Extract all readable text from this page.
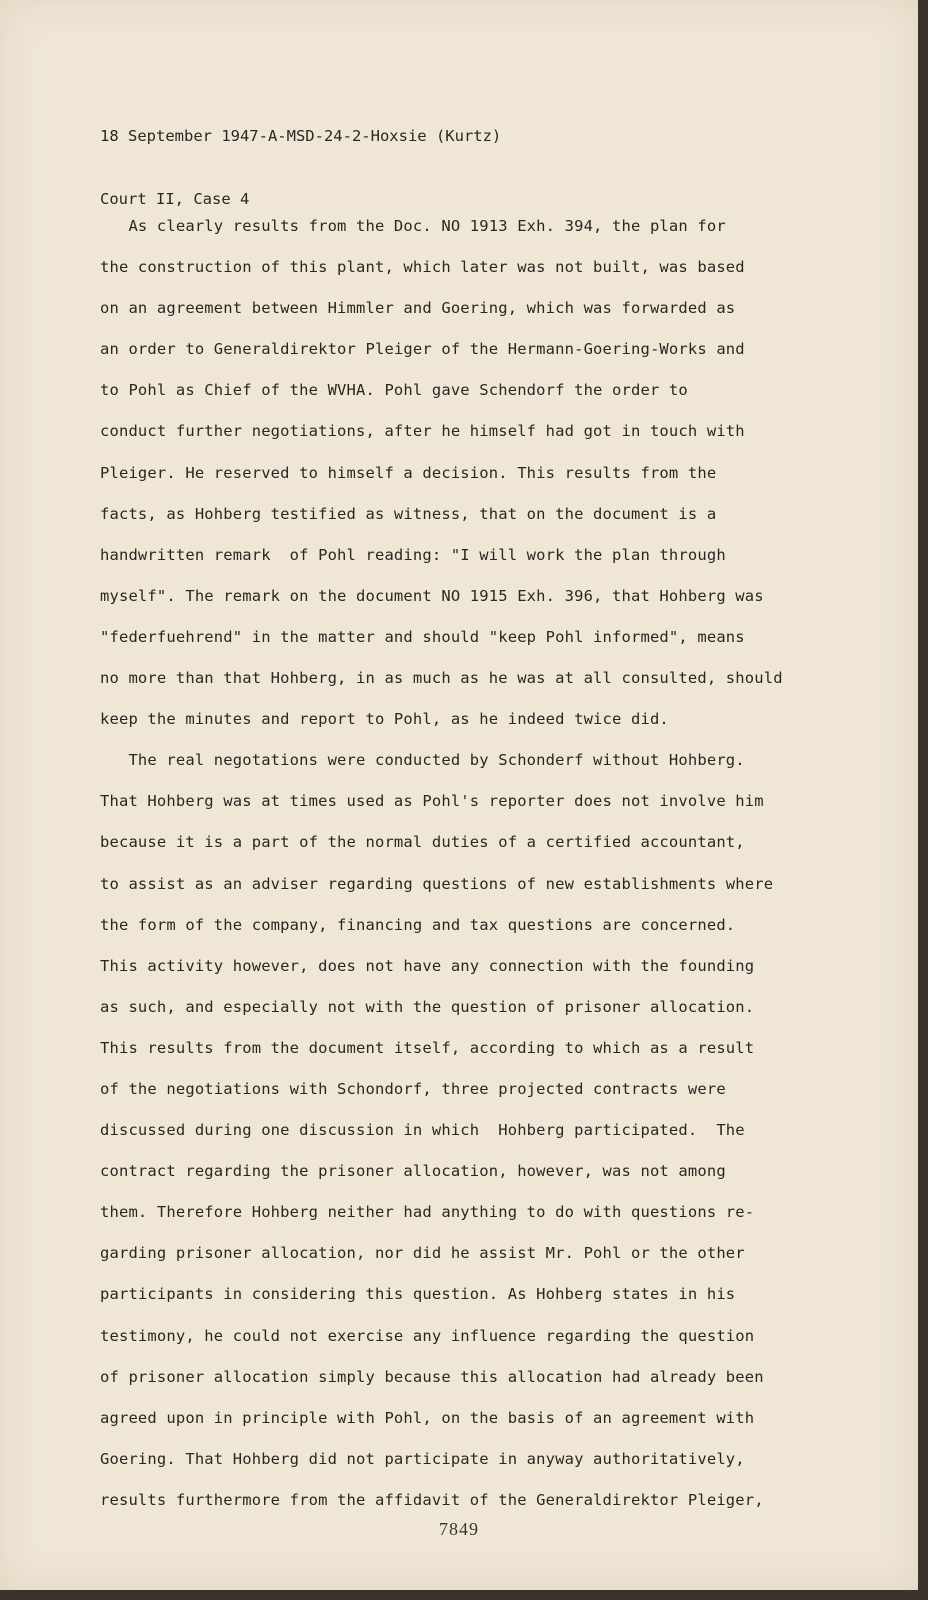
18 September 1947-A-MSD-24-2-Hoxsie (Kurtz)

Court II, Case 4

As clearly results from the Doc. NO 1913 Exh. 394, the plan for
the construction of this plant, which later was not built, was based
on an agreement between Himmler and Goering, which was forwarded as
an order to Generaldirektor Pleiger of the Hermann-Goering-Works and
to Pohl as Chief of the WVHA. Pohl gave Schendorf the order to
conduct further negotiations, after he himself had got in touch with
Pleiger. He reserved to himself a decision. This results from the
facts, as Hohberg testified as witness, that on the document is a
handwritten remark  of Pohl reading: "I will work the plan through
myself". The remark on the document NO 1915 Exh. 396, that Hohberg was
"federfuehrend" in the matter and should "keep Pohl informed", means
no more than that Hohberg, in as much as he was at all consulted, should
keep the minutes and report to Pohl, as he indeed twice did.
The real negotations were conducted by Schonderf without Hohberg.
That Hohberg was at times used as Pohl's reporter does not involve him
because it is a part of the normal duties of a certified accountant,
to assist as an adviser regarding questions of new establishments where
the form of the company, financing and tax questions are concerned.
This activity however, does not have any connection with the founding
as such, and especially not with the question of prisoner allocation.
This results from the document itself, according to which as a result
of the negotiations with Schondorf, three projected contracts were
discussed during one discussion in which  Hohberg participated.  The
contract regarding the prisoner allocation, however, was not among
them. Therefore Hohberg neither had anything to do with questions re-
garding prisoner allocation, nor did he assist Mr. Pohl or the other
participants in considering this question. As Hohberg states in his
testimony, he could not exercise any influence regarding the question
of prisoner allocation simply because this allocation had already been
agreed upon in principle with Pohl, on the basis of an agreement with
Goering. That Hohberg did not participate in anyway authoritatively,
results furthermore from the affidavit of the Generaldirektor Pleiger,
7849
